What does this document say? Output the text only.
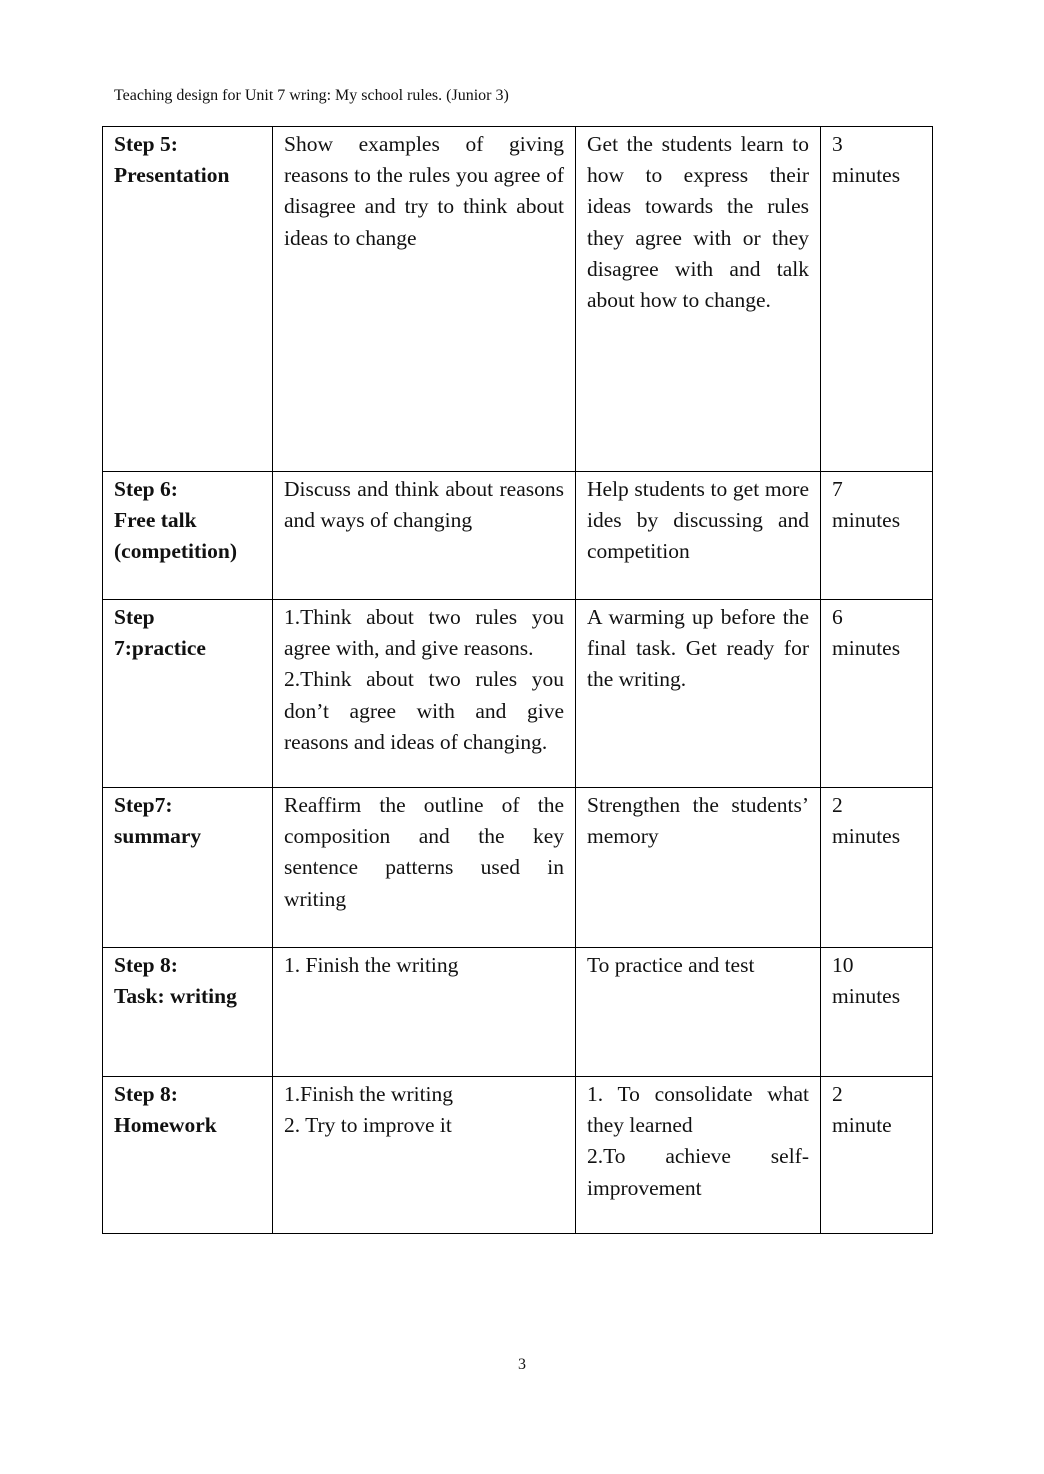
Teaching design for Unit 7 wring: My school rules. (Junior 3)
Step 5:
Presentation	Show examples of giving reasons to the rules you agree of disagree and try to think about ideas to change	Get the students learn to how to express their ideas towards the rules they agree with or they disagree with and talk about how to change.	3
minutes

Step 6:
Free talk
(competition)	Discuss and think about reasons and ways of changing	Help students to get more ides by discussing and competition	7
minutes

Step
7:practice	1.Think about two rules you agree with, and give reasons.
2.Think about two rules you don’t agree with and give reasons and ideas of changing.	A warming up before the final task. Get ready for the writing.	6
minutes

Step7:
summary	Reaffirm the outline of the composition and the key sentence patterns used in writing	Strengthen the students’ memory	2
minutes

Step 8:
Task: writing	1. Finish the writing	To practice and test	10
minutes

Step 8:
Homework	1.Finish the writing
2. Try to improve it	1. To consolidate what they learned
2.To achieve self-improvement	2
minute
3
